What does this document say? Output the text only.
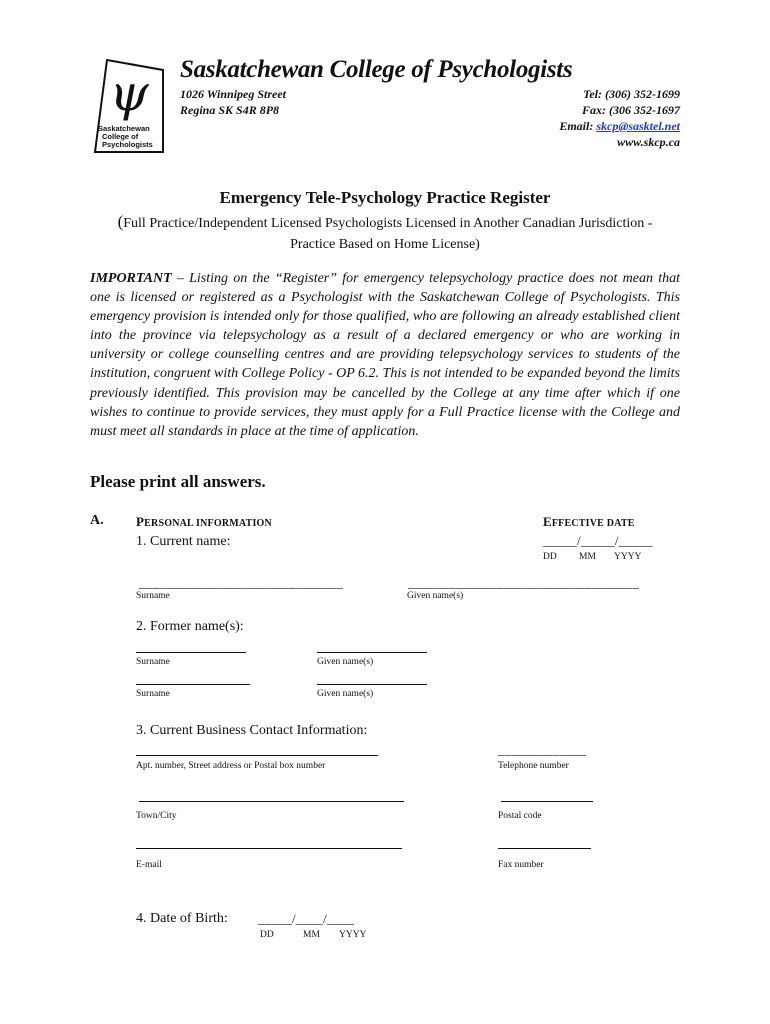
ψ
Saskatchewan
College of
Psychologists
Saskatchewan College of Psychologists
1026 Winnipeg Street
Regina SK S4R 8P8
Tel: (306) 352-1699
Fax: (306 352-1697
Email: skcp@sasktel.net
www.skcp.ca
Emergency Tele-Psychology Practice Register
(Full Practice/Independent Licensed Psychologists Licensed in Another Canadian Jurisdiction -
Practice Based on Home License)
IMPORTANT – Listing on the “Register” for emergency telepsychology practice does not mean that one is licensed or registered as a Psychologist with the Saskatchewan College of Psychologists. This emergency provision is intended only for those qualified, who are following an already established client into the province via telepsychology as a result of a declared emergency or who are working in university or college counselling centres and are providing telepsychology services to students of the institution, congruent with College Policy - OP 6.2. This is not intended to be expanded beyond the limits previously identified. This provision may be cancelled by the College at any time after which if one wishes to continue to provide services, they must apply for a Full Practice license with the College and must meet all standards in place at the time of application.
Please print all answers.
A. PERSONAL INFORMATION	EFFECTIVE DATE
_____/_____/_____
DD MM YYYY
1. Current name:
______________________________
Surname
__________________________________
Given name(s)
2. Former name(s):
Surname	Given name(s)
Surname	Given name(s)
3. Current Business Contact Information:
Apt. number, Street address or Postal box number
_____________
Telephone number
Town/City	Postal code
E-mail	Fax number
4. Date of Birth: _____/____/____
DD	MM YYYY
